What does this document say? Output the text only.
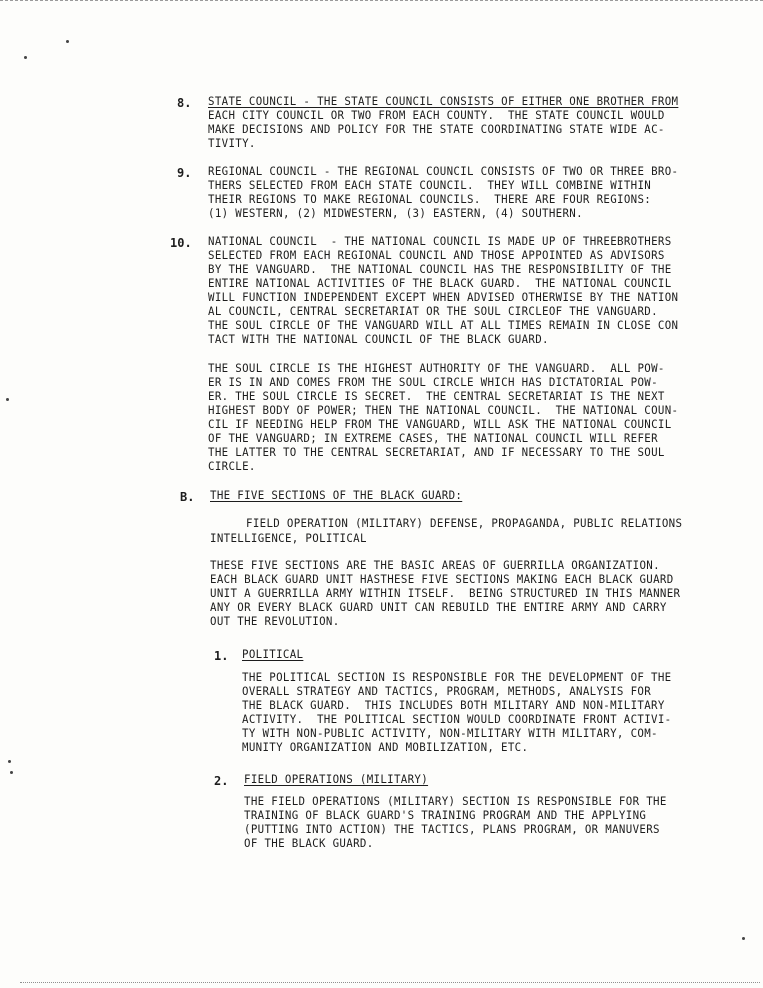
8. STATE COUNCIL - THE STATE COUNCIL CONSISTS OF EITHER ONE BROTHER FROM
EACH CITY COUNCIL OR TWO FROM EACH COUNTY.  THE STATE COUNCIL WOULD
MAKE DECISIONS AND POLICY FOR THE STATE COORDINATING STATE WIDE AC-
TIVITY.
9. REGIONAL COUNCIL - THE REGIONAL COUNCIL CONSISTS OF TWO OR THREE BRO-
THERS SELECTED FROM EACH STATE COUNCIL.  THEY WILL COMBINE WITHIN
THEIR REGIONS TO MAKE REGIONAL COUNCILS.  THERE ARE FOUR REGIONS:
(1) WESTERN, (2) MIDWESTERN, (3) EASTERN, (4) SOUTHERN.
10. NATIONAL COUNCIL  - THE NATIONAL COUNCIL IS MADE UP OF THREEBROTHERS
SELECTED FROM EACH REGIONAL COUNCIL AND THOSE APPOINTED AS ADVISORS
BY THE VANGUARD.  THE NATIONAL COUNCIL HAS THE RESPONSIBILITY OF THE
ENTIRE NATIONAL ACTIVITIES OF THE BLACK GUARD.  THE NATIONAL COUNCIL
WILL FUNCTION INDEPENDENT EXCEPT WHEN ADVISED OTHERWISE BY THE NATION
AL COUNCIL, CENTRAL SECRETARIAT OR THE SOUL CIRCLEOF THE VANGUARD.
THE SOUL CIRCLE OF THE VANGUARD WILL AT ALL TIMES REMAIN IN CLOSE CON
TACT WITH THE NATIONAL COUNCIL OF THE BLACK GUARD.
THE SOUL CIRCLE IS THE HIGHEST AUTHORITY OF THE VANGUARD.  ALL POW-
ER IS IN AND COMES FROM THE SOUL CIRCLE WHICH HAS DICTATORIAL POW-
ER. THE SOUL CIRCLE IS SECRET.  THE CENTRAL SECRETARIAT IS THE NEXT
HIGHEST BODY OF POWER; THEN THE NATIONAL COUNCIL.  THE NATIONAL COUN-
CIL IF NEEDING HELP FROM THE VANGUARD, WILL ASK THE NATIONAL COUNCIL
OF THE VANGUARD; IN EXTREME CASES, THE NATIONAL COUNCIL WILL REFER
THE LATTER TO THE CENTRAL SECRETARIAT, AND IF NECESSARY TO THE SOUL
CIRCLE.
B. THE FIVE SECTIONS OF THE BLACK GUARD:
FIELD OPERATION (MILITARY) DEFENSE, PROPAGANDA, PUBLIC RELATIONS
INTELLIGENCE, POLITICAL
THESE FIVE SECTIONS ARE THE BASIC AREAS OF GUERRILLA ORGANIZATION.
EACH BLACK GUARD UNIT HASTHESE FIVE SECTIONS MAKING EACH BLACK GUARD
UNIT A GUERRILLA ARMY WITHIN ITSELF.  BEING STRUCTURED IN THIS MANNER
ANY OR EVERY BLACK GUARD UNIT CAN REBUILD THE ENTIRE ARMY AND CARRY
OUT THE REVOLUTION.
1. POLITICAL
THE POLITICAL SECTION IS RESPONSIBLE FOR THE DEVELOPMENT OF THE
OVERALL STRATEGY AND TACTICS, PROGRAM, METHODS, ANALYSIS FOR
THE BLACK GUARD.  THIS INCLUDES BOTH MILITARY AND NON-MILITARY
ACTIVITY.  THE POLITICAL SECTION WOULD COORDINATE FRONT ACTIVI-
TY WITH NON-PUBLIC ACTIVITY, NON-MILITARY WITH MILITARY, COM-
MUNITY ORGANIZATION AND MOBILIZATION, ETC.
2. FIELD OPERATIONS (MILITARY)
THE FIELD OPERATIONS (MILITARY) SECTION IS RESPONSIBLE FOR THE
TRAINING OF BLACK GUARD'S TRAINING PROGRAM AND THE APPLYING
(PUTTING INTO ACTION) THE TACTICS, PLANS PROGRAM, OR MANUVERS
OF THE BLACK GUARD.
